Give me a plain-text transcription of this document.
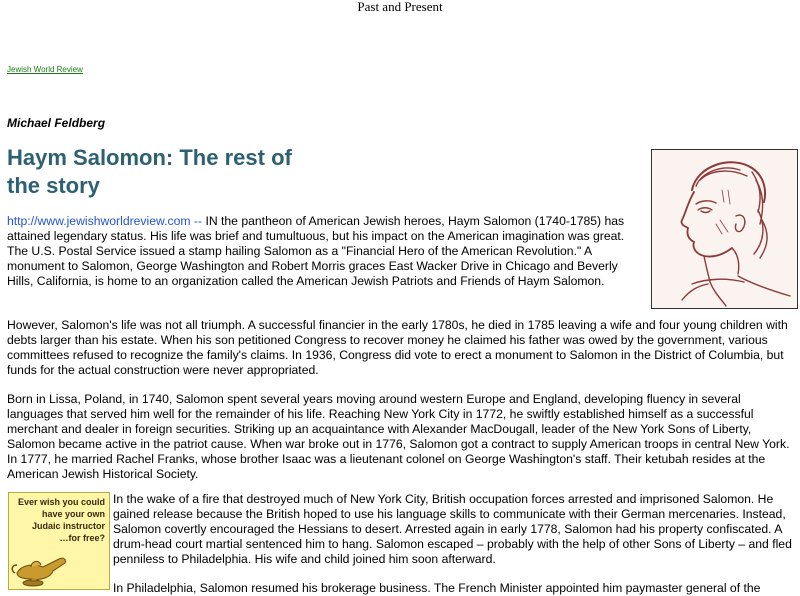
Past and Present
Jewish World Review
Michael Feldberg
Haym Salomon: The rest of the story

http://www.jewishworldreview.com -- IN the pantheon of American Jewish heroes, Haym Salomon (1740-1785) has attained legendary status. His life was brief and tumultuous, but his impact on the American imagination was great. The U.S. Postal Service issued a stamp hailing Salomon as a "Financial Hero of the American Revolution." A monument to Salomon, George Washington and Robert Morris graces East Wacker Drive in Chicago and Beverly Hills, California, is home to an organization called the American Jewish Patriots and Friends of Haym Salomon.

However, Salomon's life was not all triumph. A successful financier in the early 1780s, he died in 1785 leaving a wife and four young children with debts larger than his estate. When his son petitioned Congress to recover money he claimed his father was owed by the government, various committees refused to recognize the family's claims. In 1936, Congress did vote to erect a monument to Salomon in the District of Columbia, but funds for the actual construction were never appropriated.

Born in Lissa, Poland, in 1740, Salomon spent several years moving around western Europe and England, developing fluency in several languages that served him well for the remainder of his life. Reaching New York City in 1772, he swiftly established himself as a successful merchant and dealer in foreign securities. Striking up an acquaintance with Alexander MacDougall, leader of the New York Sons of Liberty, Salomon became active in the patriot cause. When war broke out in 1776, Salomon got a contract to supply American troops in central New York. In 1777, he married Rachel Franks, whose brother Isaac was a lieutenant colonel on George Washington's staff. Their ketubah resides at the American Jewish Historical Society.

Ever wish you could
have your own
Judaic instructor
…for free?

In the wake of a fire that destroyed much of New York City, British occupation forces arrested and imprisoned Salomon. He gained release because the British hoped to use his language skills to communicate with their German mercenaries. Instead, Salomon covertly encouraged the Hessians to desert. Arrested again in early 1778, Salomon had his property confiscated. A drum-head court martial sentenced him to hang. Salomon escaped – probably with the help of other Sons of Liberty – and fled penniless to Philadelphia. His wife and child joined him soon afterward.

In Philadelphia, Salomon resumed his brokerage business. The French Minister appointed him paymaster general of the
